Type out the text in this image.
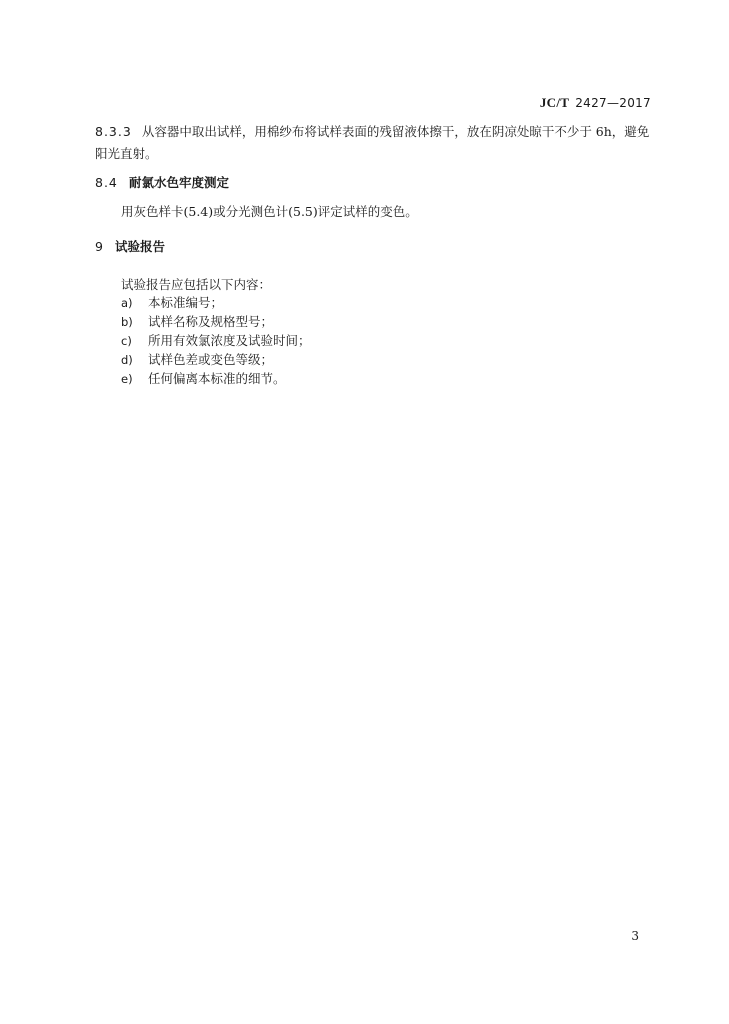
JC/T 2427—2017
8.3.3 从容器中取出试样，用棉纱布将试样表面的残留液体擦干，放在阴凉处晾干不少于 6h，避免阳光直射。
8.4 耐氯水色牢度测定
用灰色样卡(5.4)或分光测色计(5.5)评定试样的变色。
9 试验报告
试验报告应包括以下内容：
a) 本标准编号；
b) 试样名称及规格型号；
c) 所用有效氯浓度及试验时间；
d) 试样色差或变色等级；
e) 任何偏离本标准的细节。
3
